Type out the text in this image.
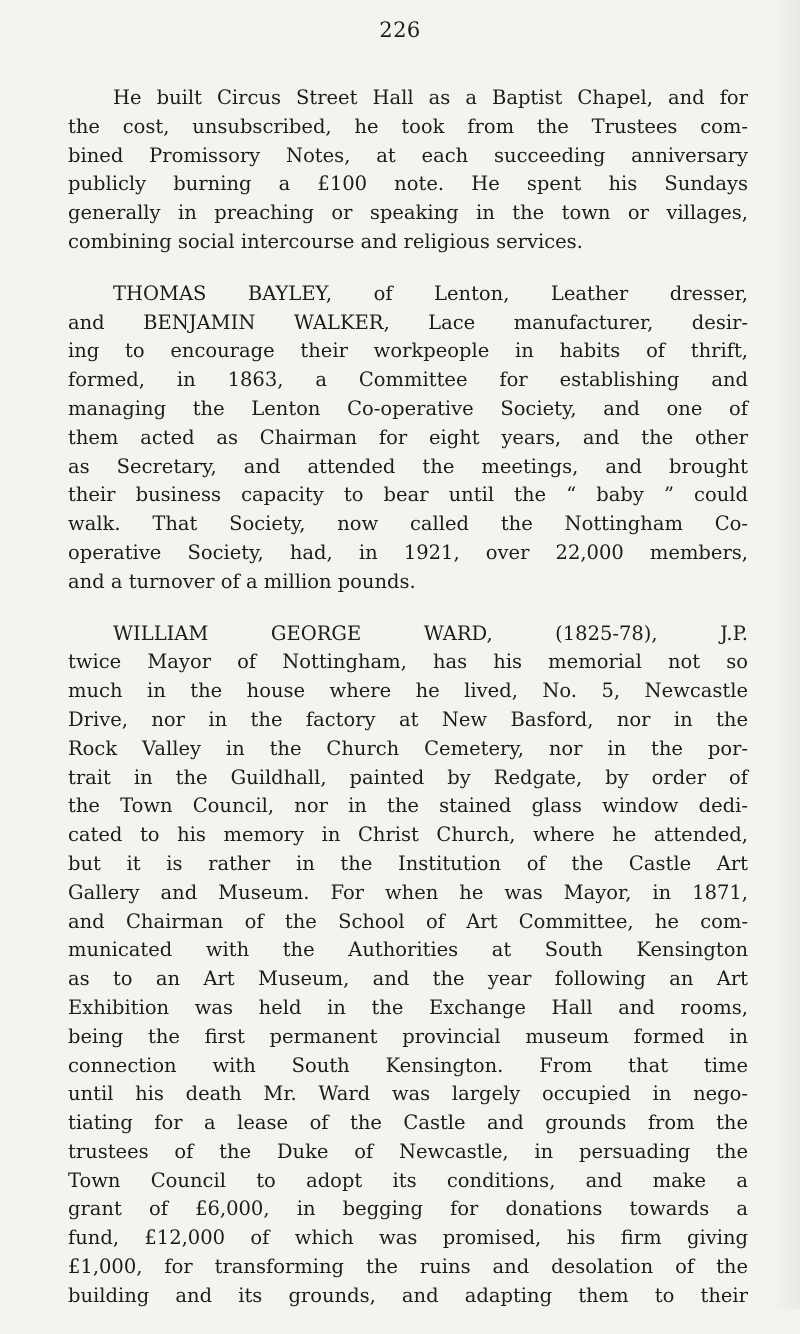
226
He built Circus Street Hall as a Baptist Chapel, and for
the cost, unsubscribed, he took from the Trustees com-
bined Promissory Notes, at each succeeding anniversary
publicly burning a £100 note. He spent his Sundays
generally in preaching or speaking in the town or villages,
combining social intercourse and religious services.
THOMAS BAYLEY, of Lenton, Leather dresser,
and BENJAMIN WALKER, Lace manufacturer, desir-
ing to encourage their workpeople in habits of thrift,
formed, in 1863, a Committee for establishing and
managing the Lenton Co-operative Society, and one of
them acted as Chairman for eight years, and the other
as Secretary, and attended the meetings, and brought
their business capacity to bear until the “ baby ” could
walk. That Society, now called the Nottingham Co-
operative Society, had, in 1921, over 22,000 members,
and a turnover of a million pounds.
WILLIAM GEORGE WARD, (1825-78), J.P.
twice Mayor of Nottingham, has his memorial not so
much in the house where he lived, No. 5, Newcastle
Drive, nor in the factory at New Basford, nor in the
Rock Valley in the Church Cemetery, nor in the por-
trait in the Guildhall, painted by Redgate, by order of
the Town Council, nor in the stained glass window dedi-
cated to his memory in Christ Church, where he attended,
but it is rather in the Institution of the Castle Art
Gallery and Museum. For when he was Mayor, in 1871,
and Chairman of the School of Art Committee, he com-
municated with the Authorities at South Kensington
as to an Art Museum, and the year following an Art
Exhibition was held in the Exchange Hall and rooms,
being the first permanent provincial museum formed in
connection with South Kensington. From that time
until his death Mr. Ward was largely occupied in nego-
tiating for a lease of the Castle and grounds from the
trustees of the Duke of Newcastle, in persuading the
Town Council to adopt its conditions, and make a
grant of £6,000, in begging for donations towards a
fund, £12,000 of which was promised, his firm giving
£1,000, for transforming the ruins and desolation of the
building and its grounds, and adapting them to their
